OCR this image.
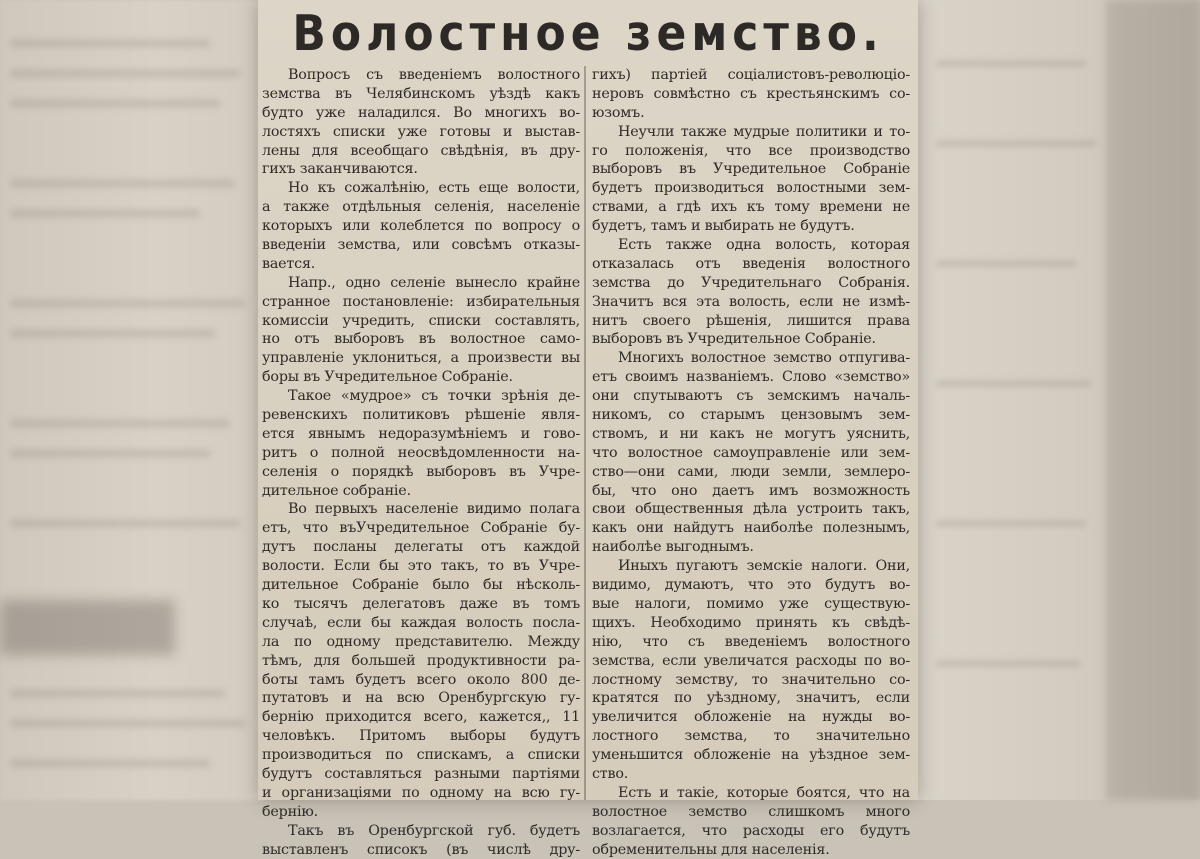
Волостное земство.
Вопросъ съ введеніемъ волостного
земства въ Челябинскомъ уѣздѣ какъ
будто уже наладился. Во многихъ во-
лостяхъ списки уже готовы и выстав-
лены для всеобщаго свѣдѣнія, въ дру-
гихъ заканчиваются.
Но къ сожалѣнію, есть еще волости,
а также отдѣльныя селенія, населеніе
которыхъ или колеблется по вопросу о
введеніи земства, или совсѣмъ отказы-
вается.
Напр., одно селеніе вынесло крайне
странное постановленіе: избирательныя
комиссіи учредить, списки составлять,
но отъ выборовъ въ волостное само-
управленіе уклониться, а произвести вы
боры въ Учредительное Собраніе.
Такое «мудрое» съ точки зрѣнія де-
ревенскихъ политиковъ рѣшеніе явля-
ется явнымъ недоразумѣніемъ и гово-
ритъ о полной неосвѣдомленности на-
селенія о порядкѣ выборовъ въ Учре-
дительное собраніе.
Во первыхъ населеніе видимо полага
етъ, что въУчредительное Собраніе бу-
дутъ посланы делегаты отъ каждой
волости. Если бы это такъ, то въ Учре-
дительное Собраніе было бы нѣсколь-
ко тысячъ делегатовъ даже въ томъ
случаѣ, если бы каждая волость посла-
ла по одному представителю. Между
тѣмъ, для большей продуктивности ра-
боты тамъ будетъ всего около 800 де-
путатовъ и на всю Оренбургскую гу-
бернію приходится всего, кажется,, 11
человѣкъ. Притомъ выборы будутъ
производиться по спискамъ, а списки
будутъ составляться разными партіями
и организаціями по одному на всю гу-
бернію.
Такъ въ Оренбургской губ. будетъ
выставленъ списокъ (въ числѣ дру-
гихъ) партіей соціалистовъ-революціо-
неровъ совмѣстно съ крестьянскимъ со-
юзомъ.
Неучли также мудрые политики и то-
го положенія, что все производство
выборовъ въ Учредительное Собраніе
будетъ производиться волостными зем-
ствами, а гдѣ ихъ къ тому времени не
будетъ, тамъ и выбирать не будутъ.
Есть также одна волость, которая
отказалась отъ введенія волостного
земства до Учредительнаго Собранія.
Значитъ вся эта волость, если не измѣ-
нитъ своего рѣшенія, лишится права
выборовъ въ Учредительное Собраніе.
Многихъ волостное земство отпугива-
етъ своимъ названіемъ. Слово «земство»
они спутываютъ съ земскимъ началь-
никомъ, со старымъ цензовымъ зем-
ствомъ, и ни какъ не могутъ уяснить,
что волостное самоуправленіе или зем-
ство—они сами, люди земли, землеро-
бы, что оно даетъ имъ возможность
свои общественныя дѣла устроить такъ,
какъ они найдутъ наиболѣе полезнымъ,
наиболѣе выгоднымъ.
Иныхъ пугаютъ земскіе налоги. Они,
видимо, думаютъ, что это будутъ во-
вые налоги, помимо уже существую-
щихъ. Необходимо принять къ свѣдѣ-
нію, что съ введеніемъ волостного
земства, если увеличатся расходы по во-
лостному земству, то значительно со-
кратятся по уѣздному, значитъ, если
увеличится обложеніе на нужды во-
лостного земства, то значительно
уменьшится обложеніе на уѣздное зем-
ство.
Есть и такіе, которые боятся, что на
волостное земство слишкомъ много
возлагается, что расходы его будутъ
обременительны для населенія.
